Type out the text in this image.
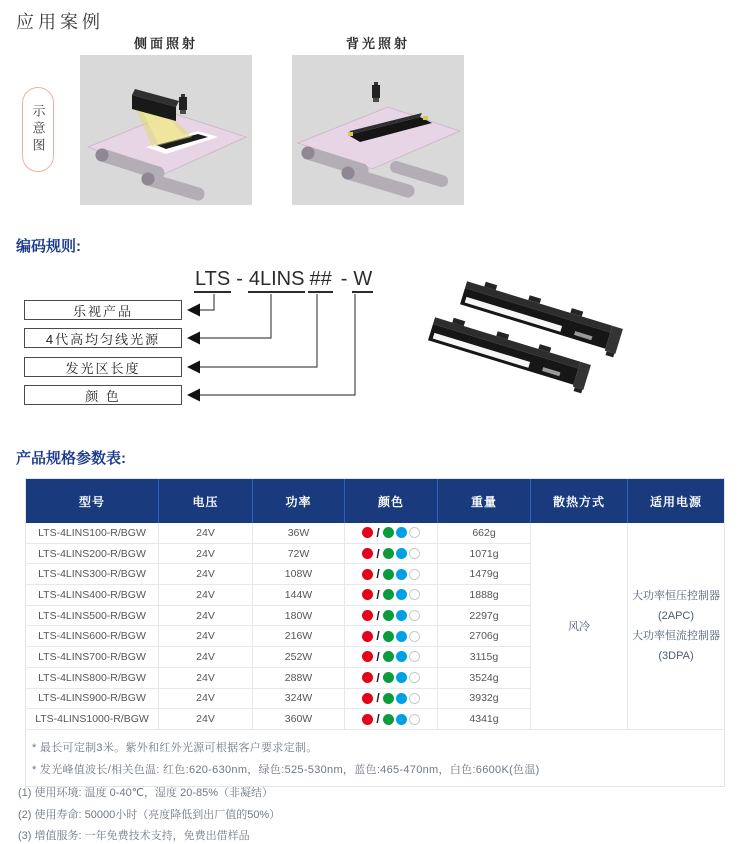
应用案例
侧面照射	背光照射
示意图
编码规则:
LTS - 4LINS ## - W
乐视产品
4代高均匀线光源
发光区长度
颜 色
产品规格参数表:
型号	电压	功率	颜色	重量	散热方式	适用电源
风冷
大功率恒压控制器
(2APC)
大功率恒流控制器
(3DPA)
* 最长可定制3米。紫外和红外光源可根据客户要求定制。
* 发光峰值波长/相关色温: 红色:620-630nm，绿色:525-530nm，蓝色:465-470nm，白色:6600K(色温)
LTS-4LINS100-R/BGW	24V	36W	/	662g
LTS-4LINS200-R/BGW	24V	72W	/	1071g
LTS-4LINS300-R/BGW	24V	108W	/	1479g
LTS-4LINS400-R/BGW	24V	144W	/	1888g
LTS-4LINS500-R/BGW	24V	180W	/	2297g
LTS-4LINS600-R/BGW	24V	216W	/	2706g
LTS-4LINS700-R/BGW	24V	252W	/	3115g
LTS-4LINS800-R/BGW	24V	288W	/	3524g
LTS-4LINS900-R/BGW	24V	324W	/	3932g
LTS-4LINS1000-R/BGW	24V	360W	/	4341g
(1) 使用环境: 温度 0-40℃，湿度 20-85%（非凝结）
(2) 使用寿命: 50000小时（亮度降低到出厂值的50%）
(3) 增值服务: 一年免费技术支持，免费出借样品
